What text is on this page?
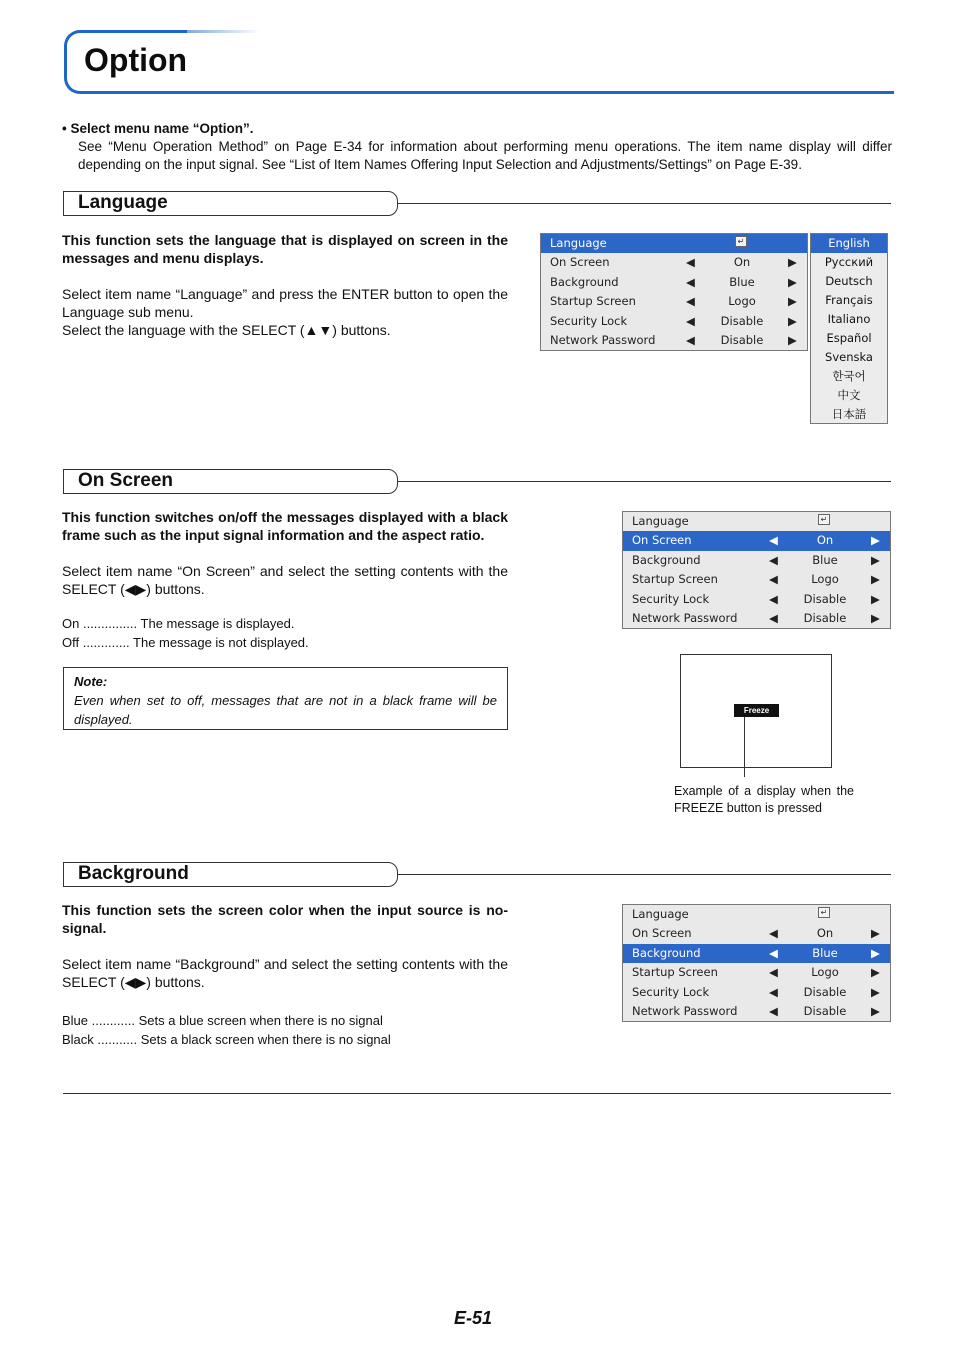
Option
• Select menu name “Option”.

See “Menu Operation Method” on Page E-34 for information about performing menu operations. The item name display will differ depending on the input signal. See “List of Item Names Offering Input Selection and Adjustments/Settings” on Page E-39.

Language
This function sets the language that is displayed on screen in the messages and menu displays.
Select item name “Language” and press the ENTER button to open the Language sub menu.
Select the language with the SELECT (▲▼) buttons.
Language	↵
On Screen	◀	On	▶
Background	◀	Blue	▶
Startup Screen	◀	Logo	▶
Security Lock	◀	Disable	▶
Network Password	◀	Disable	▶
English
Русский
Deutsch
Français
Italiano
Español
Svenska
한국어
中文
日本語
On Screen
This function switches on/off the messages displayed with a black frame such as the input signal information and the aspect ratio.
Select item name “On Screen” and select the setting contents with the SELECT (◀▶) buttons.
On ............... The message is displayed.
Off ............. The message is not displayed.
Note:
Even when set to off, messages that are not in a black frame will be displayed.
Language	↵
On Screen	◀	On	▶
Background	◀	Blue	▶
Startup Screen	◀	Logo	▶
Security Lock	◀	Disable	▶
Network Password	◀	Disable	▶
Freeze
Example of a display when the FREEZE button is pressed
Background
This function sets the screen color when the input source is no-signal.
Select item name “Background” and select the setting contents with the SELECT (◀▶) buttons.
Blue ............ Sets a blue screen when there is no signal
Black ........... Sets a black screen when there is no signal
Language	↵
On Screen	◀	On	▶
Background	◀	Blue	▶
Startup Screen	◀	Logo	▶
Security Lock	◀	Disable	▶
Network Password	◀	Disable	▶
E-51
